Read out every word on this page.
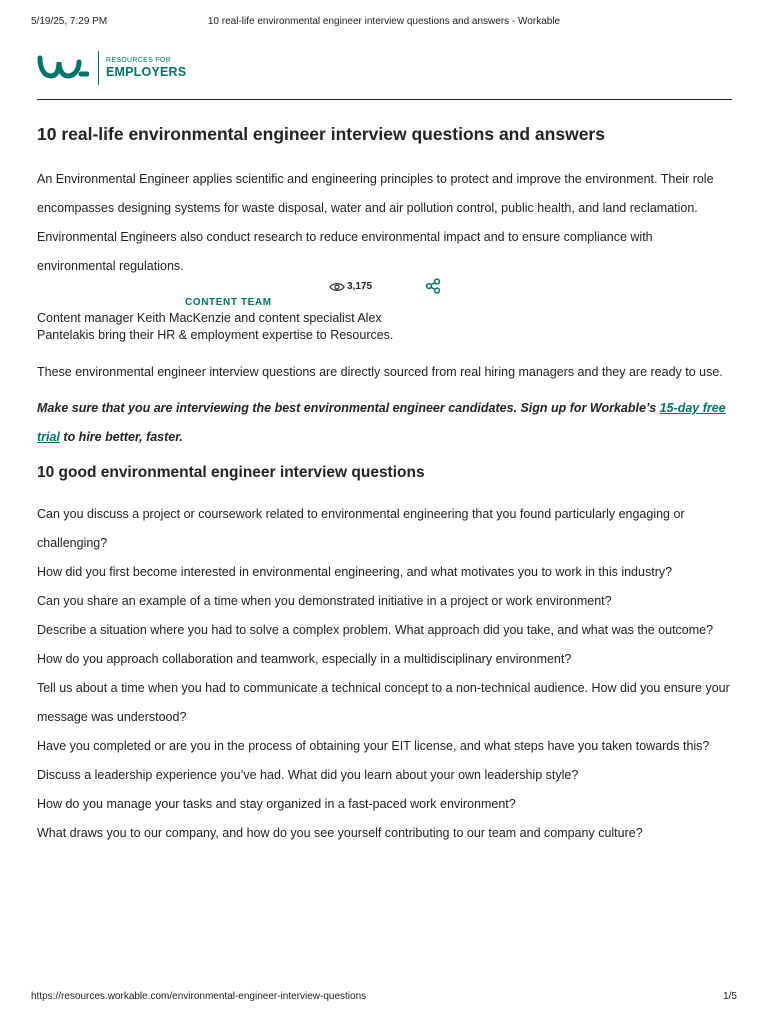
5/19/25, 7:29 PM	10 real-life environmental engineer interview questions and answers - Workable
RESOURCES FOR
EMPLOYERS
10 real-life environmental engineer interview questions and answers

An Environmental Engineer applies scientific and engineering principles to protect and improve the environment. Their role encompasses designing systems for waste disposal, water and air pollution control, public health, and land reclamation. Environmental Engineers also conduct research to reduce environmental impact and to ensure compliance with environmental regulations.

3,175
CONTENT TEAM
Content manager Keith MacKenzie and content specialist Alex Pantelakis bring their HR & employment expertise to Resources.

These environmental engineer interview questions are directly sourced from real hiring managers and they are ready to use.

Make sure that you are interviewing the best environmental engineer candidates. Sign up for Workable’s 15-day free trial to hire better, faster.

10 good environmental engineer interview questions
Can you discuss a project or coursework related to environmental engineering that you found particularly engaging or challenging?
How did you first become interested in environmental engineering, and what motivates you to work in this industry?
Can you share an example of a time when you demonstrated initiative in a project or work environment?
Describe a situation where you had to solve a complex problem. What approach did you take, and what was the outcome?
How do you approach collaboration and teamwork, especially in a multidisciplinary environment?
Tell us about a time when you had to communicate a technical concept to a non-technical audience. How did you ensure your message was understood?
Have you completed or are you in the process of obtaining your EIT license, and what steps have you taken towards this?
Discuss a leadership experience you’ve had. What did you learn about your own leadership style?
How do you manage your tasks and stay organized in a fast-paced work environment?
What draws you to our company, and how do you see yourself contributing to our team and company culture?
https://resources.workable.com/environmental-engineer-interview-questions	1/5
